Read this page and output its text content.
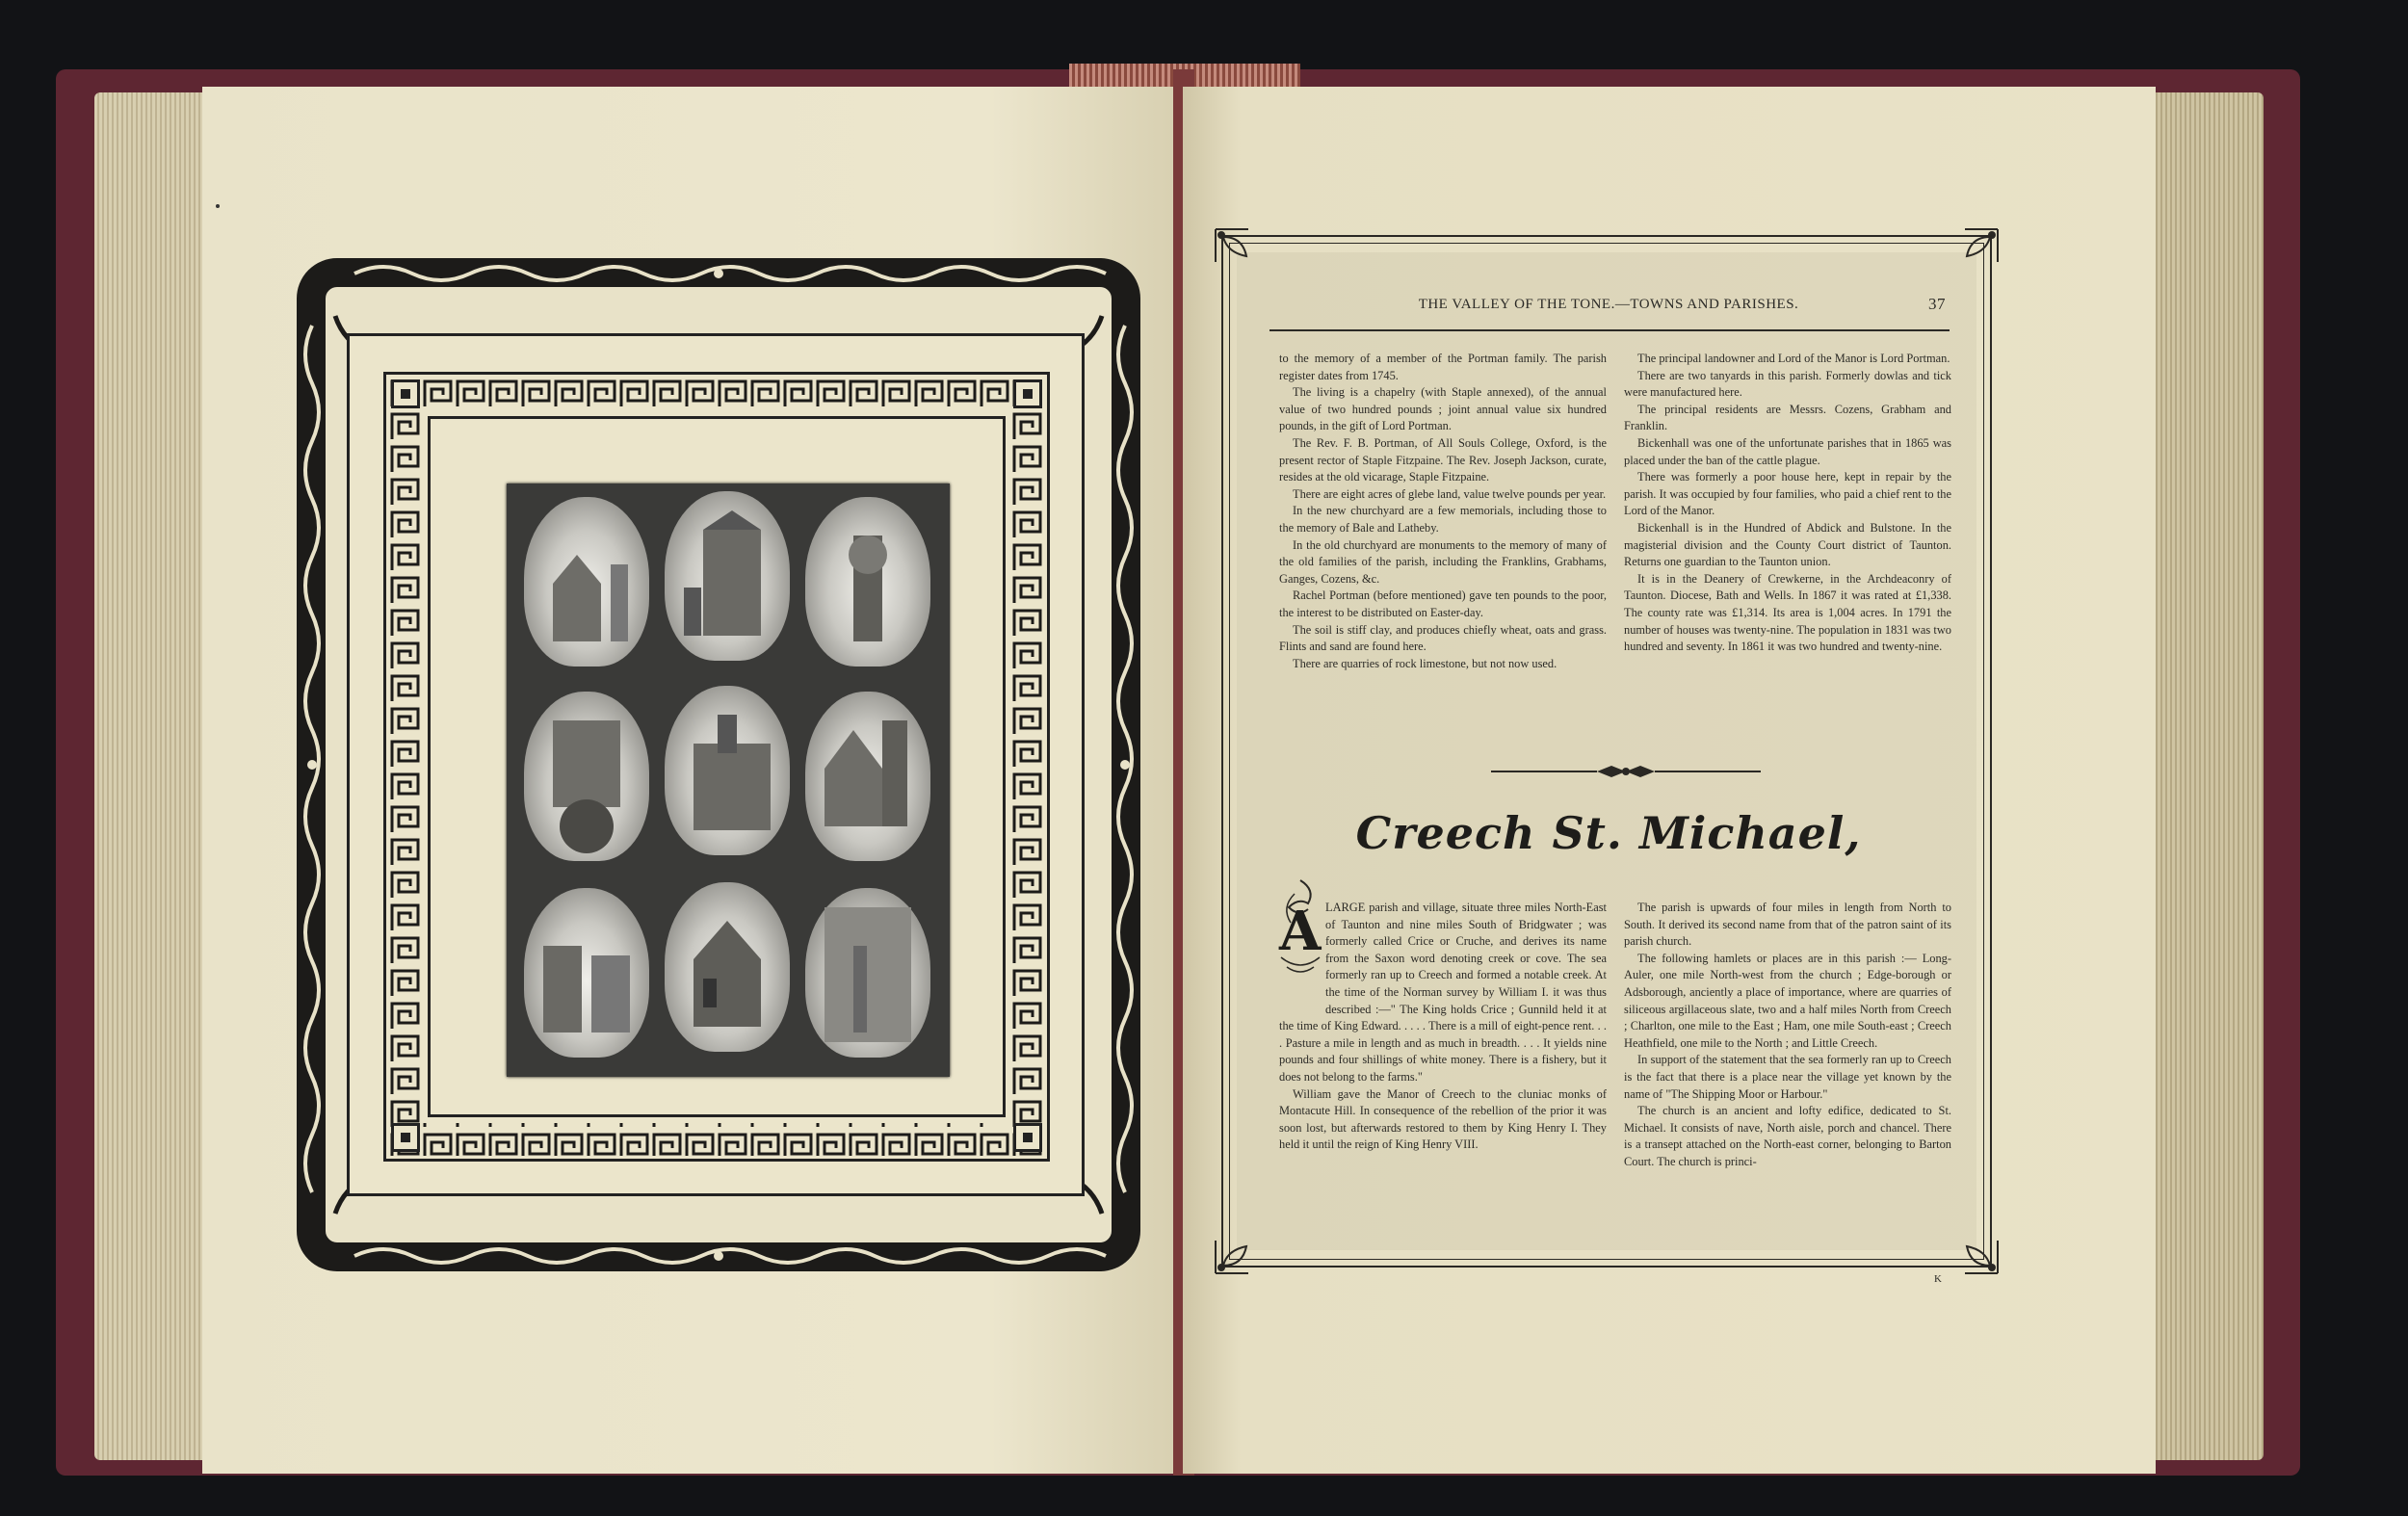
THE VALLEY OF THE TONE.—TOWNS AND PARISHES.	37

to the memory of a member of the Portman family. The parish register dates from 1745.

The living is a chapelry (with Staple annexed), of the annual value of two hundred pounds ; joint annual value six hundred pounds, in the gift of Lord Portman.

The Rev. F. B. Portman, of All Souls College, Oxford, is the present rector of Staple Fitzpaine. The Rev. Joseph Jackson, curate, resides at the old vicarage, Staple Fitzpaine.

There are eight acres of glebe land, value twelve pounds per year.

In the new churchyard are a few memorials, including those to the memory of Bale and Latheby.

In the old churchyard are monuments to the memory of many of the old families of the parish, including the Franklins, Grabhams, Ganges, Cozens, &c.

Rachel Portman (before mentioned) gave ten pounds to the poor, the interest to be distributed on Easter-day.

The soil is stiff clay, and produces chiefly wheat, oats and grass. Flints and sand are found here.

There are quarries of rock limestone, but not now used.

The principal landowner and Lord of the Manor is Lord Portman.

There are two tanyards in this parish. Formerly dowlas and tick were manufactured here.

The principal residents are Messrs. Cozens, Grabham and Franklin.

Bickenhall was one of the unfortunate parishes that in 1865 was placed under the ban of the cattle plague.

There was formerly a poor house here, kept in repair by the parish. It was occupied by four families, who paid a chief rent to the Lord of the Manor.

Bickenhall is in the Hundred of Abdick and Bulstone. In the magisterial division and the County Court district of Taunton. Returns one guardian to the Taunton union.

It is in the Deanery of Crewkerne, in the Archdeaconry of Taunton. Diocese, Bath and Wells. In 1867 it was rated at £1,338. The county rate was £1,314. Its area is 1,004 acres. In 1791 the number of houses was twenty-nine. The population in 1831 was two hundred and seventy. In 1861 it was two hundred and twenty-nine.

Creech St. Michael,
A LARGE parish and village, situate three miles North-East of Taunton and nine miles South of Bridgwater ; was formerly called Crice or Cruche, and derives its name from the Saxon word denoting creek or cove. The sea formerly ran up to Creech and formed a notable creek. At the time of the Norman survey by William I. it was thus described :—" The King holds Crice ; Gunnild held it at the time of King Edward. . . . . There is a mill of eight-pence rent. . . . Pasture a mile in length and as much in breadth. . . . It yields nine pounds and four shillings of white money. There is a fishery, but it does not belong to the farms."

William gave the Manor of Creech to the cluniac monks of Montacute Hill. In consequence of the rebellion of the prior it was soon lost, but afterwards restored to them by King Henry I. They held it until the reign of King Henry VIII.

The parish is upwards of four miles in length from North to South. It derived its second name from that of the patron saint of its parish church.

The following hamlets or places are in this parish :— Long-Auler, one mile North-west from the church ; Edge-borough or Adsborough, anciently a place of importance, where are quarries of siliceous argillaceous slate, two and a half miles North from Creech ; Charlton, one mile to the East ; Ham, one mile South-east ; Creech Heathfield, one mile to the North ; and Little Creech.

In support of the statement that the sea formerly ran up to Creech is the fact that there is a place near the village yet known by the name of "The Shipping Moor or Harbour."

The church is an ancient and lofty edifice, dedicated to St. Michael. It consists of nave, North aisle, porch and chancel. There is a transept attached on the North-east corner, belonging to Barton Court. The church is princi-

K
